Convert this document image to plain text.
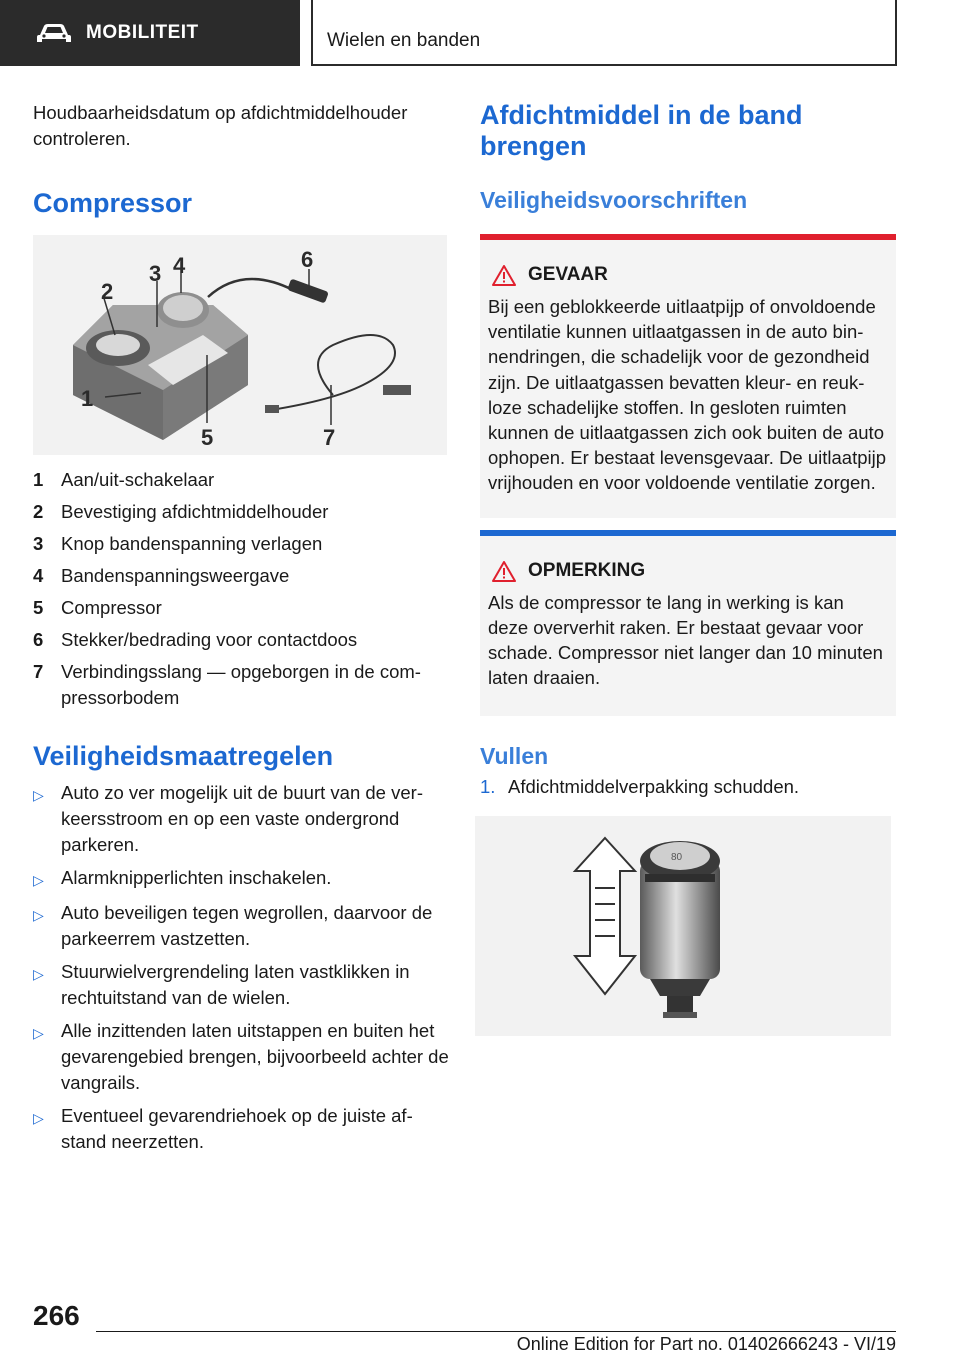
MOBILITEIT	Wielen en banden

Houdbaarheidsdatum op afdichtmiddelhouder controleren.

Compressor
1
2
3 4
5
6
7
1 Aan/uit-schakelaar
2 Bevestiging afdichtmiddelhouder
3 Knop bandenspanning verlagen
4 Bandenspanningsweergave
5 Compressor
6 Stekker/bedrading voor contactdoos
7 Verbindingsslang — opgeborgen in de compressorbodem
Veiligheidsmaatregelen
▷ Auto zo ver mogelijk uit de buurt van de verkeersstroom en op een vaste ondergrond parkeren.
▷ Alarmknipperlichten inschakelen.
▷ Auto beveiligen tegen wegrollen, daarvoor de parkeerrem vastzetten.
▷ Stuurwielvergrendeling laten vastklikken in rechtuitstand van de wielen.
▷ Alle inzittenden laten uitstappen en buiten het gevarengebied brengen, bijvoorbeeld achter de vangrails.
▷ Eventueel gevarendriehoek op de juiste afstand neerzetten.
Afdichtmiddel in de band brengen
Veiligheidsvoorschriften
GEVAAR

Bij een geblokkeerde uitlaatpijp of onvoldoende ventilatie kunnen uitlaatgassen in de auto binnendringen, die schadelijk voor de gezondheid zijn. De uitlaatgassen bevatten kleur- en reukloze schadelijke stoffen. In gesloten ruimten kunnen de uitlaatgassen zich ook buiten de auto ophopen. Er bestaat levensgevaar. De uitlaatpijp vrijhouden en voor voldoende ventilatie zorgen.

OPMERKING

Als de compressor te lang in werking is kan deze oververhit raken. Er bestaat gevaar voor schade. Compressor niet langer dan 10 minuten laten draaien.

Vullen
1. Afdichtmiddelverpakking schudden.
80
266
Online Edition for Part no. 01402666243 - VI/19
